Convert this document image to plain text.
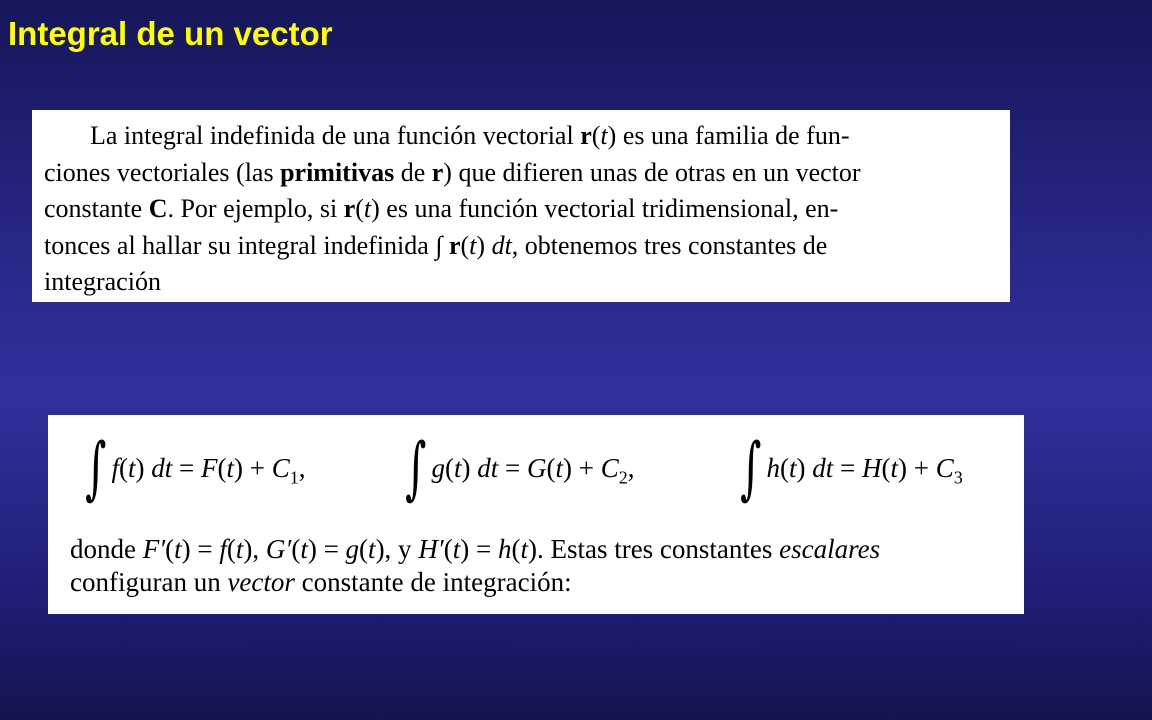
Integral de un vector
La integral indefinida de una función vectorial r(t) es una familia de fun-
ciones vectoriales (las primitivas de r) que difieren unas de otras en un vector
constante C. Por ejemplo, si r(t) es una función vectorial tridimensional, en-
tonces al hallar su integral indefinida ∫ r(t) dt, obtenemos tres constantes de
integración
∫ f(t) dt = $F(t) + C_1$, ∫ g(t) dt = $G(t) + C_2$, ∫ h(t) dt = $H(t) + C_3$
donde F′(t) = f(t), G′(t) = g(t), y H′(t) = h(t). Estas tres constantes escalares
configuran un vector constante de integración:
